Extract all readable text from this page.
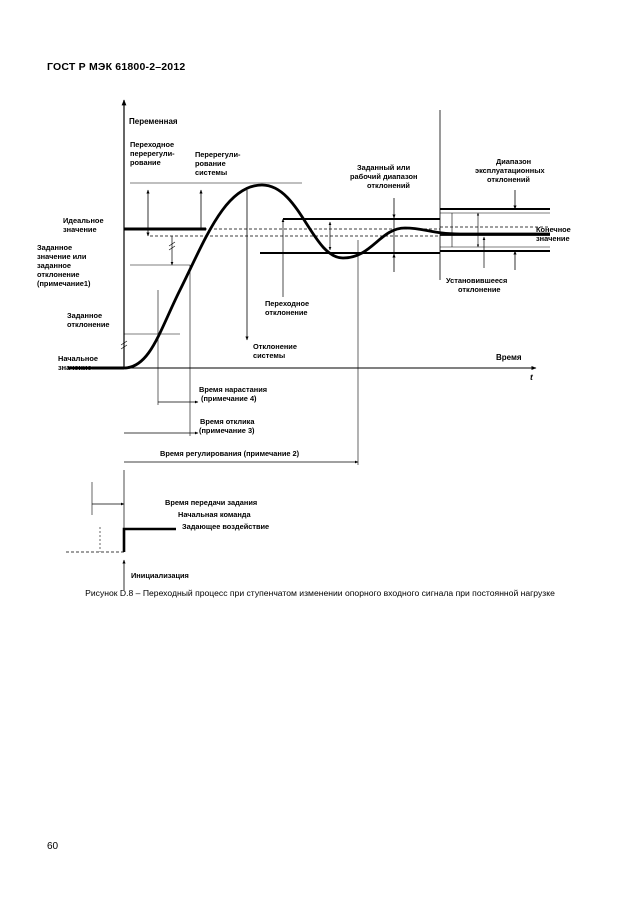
ГОСТ Р МЭК 61800-2–2012
Переменная
Переходное перерегули- рование
Перерегули- рование системы
Заданный или рабочий диапазон отклонений
Диапазон эксплуатационных отклонений
Идеальное значение
Заданное значение или заданное отклонение (примечание1)
Конечное значение
Заданное отклонение
Переходное отклонение
Установившееся отклонение
Отклонение системы
Начальное значение
Время
t
Время нарастания (примечание 4)
Время отклика (примечание 3)
Время регулирования (примечание 2)
Время передачи задания
Начальная команда
Задающее воздействие
Инициализация
Рисунок D.8 – Переходный процесс при ступенчатом изменении опорного входного сигнала при постоянной нагрузке
60
